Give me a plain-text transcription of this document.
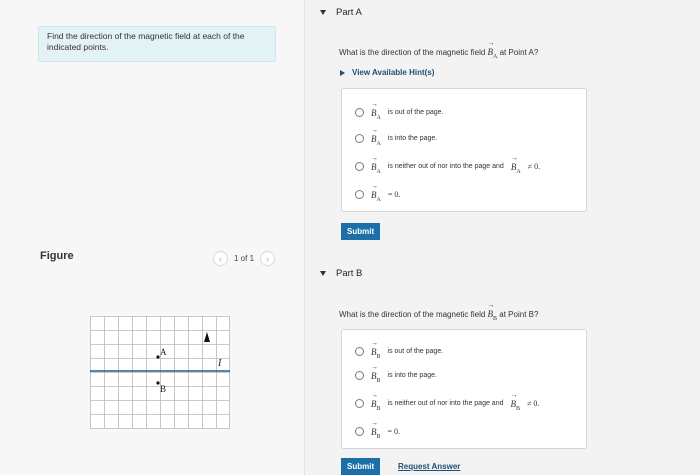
Find the direction of the magnetic field at each of the indicated points.
Figure	‹ 1 of 1 ›
I
A
B
Part A
What is the direction of the magnetic field → $B_A$ at Point A?
View Available Hint(s)
→ $B_A$
is out of the page.
→ $B_A$
is into the page.
→ $B_A$
is neither out of nor into the page and → $B_A$
≠ 0.
→ $B_A$
= 0.
Submit
Part B
What is the direction of the magnetic field → $B_B$ at Point B?
→ $B_B$
is out of the page.
→ $B_B$
is into the page.
→ $B_B$
is neither out of nor into the page and → $B_B$
≠ 0.
→ $B_B$
= 0.
Submit	Request Answer
